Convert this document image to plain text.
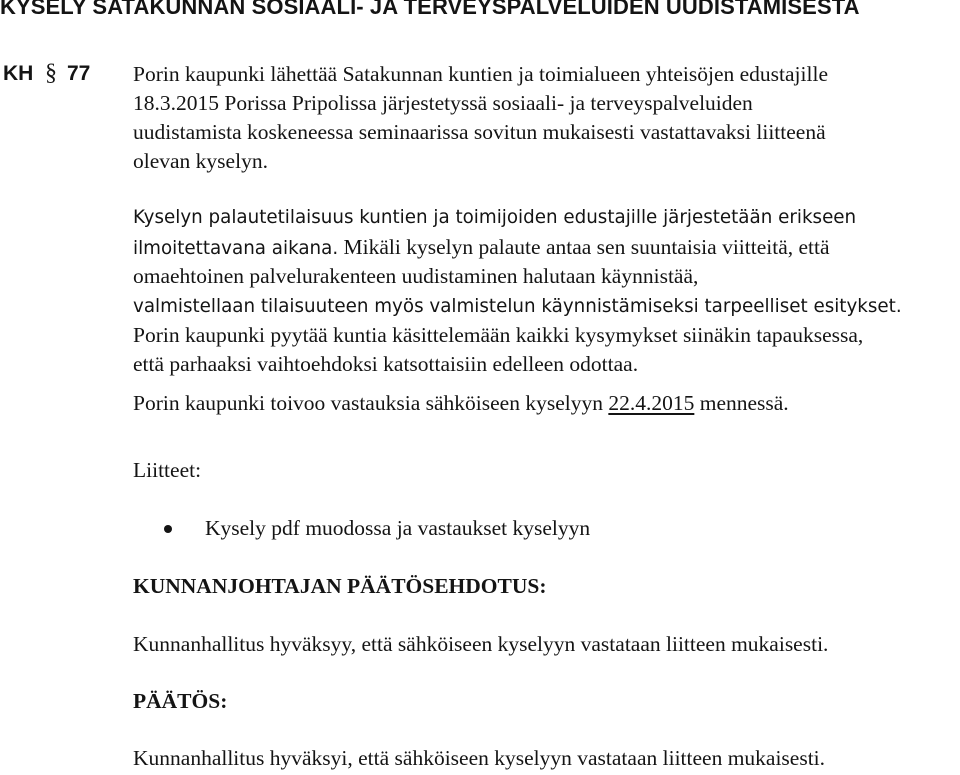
KYSELY SATAKUNNAN SOSIAALI- JA TERVEYSPALVELUIDEN UUDISTAMISESTA
KH § 77 Porin kaupunki lähettää Satakunnan kuntien ja toimialueen yhteisöjen edustajille
18.3.2015 Porissa Pripolissa järjestetyssä sosiaali- ja terveyspalveluiden
uudistamista koskeneessa seminaarissa sovitun mukaisesti vastattavaksi liitteenä
olevan kyselyn.
Kyselyn palautetilaisuus kuntien ja toimijoiden edustajille järjestetään erikseen
ilmoitettavana aikana. Mikäli kyselyn palaute antaa sen suuntaisia viitteitä, että
omaehtoinen palvelurakenteen uudistaminen halutaan käynnistää,
valmistellaan tilaisuuteen myös valmistelun käynnistämiseksi tarpeelliset esitykset.
Porin kaupunki pyytää kuntia käsittelemään kaikki kysymykset siinäkin tapauksessa,
että parhaaksi vaihtoehdoksi katsottaisiin edelleen odottaa.
Porin kaupunki toivoo vastauksia sähköiseen kyselyyn 22.4.2015 mennessä.
Liitteet:
Kysely pdf muodossa ja vastaukset kyselyyn
KUNNANJOHTAJAN PÄÄTÖSEHDOTUS:
Kunnanhallitus hyväksyy, että sähköiseen kyselyyn vastataan liitteen mukaisesti.
PÄÄTÖS:
Kunnanhallitus hyväksyi, että sähköiseen kyselyyn vastataan liitteen mukaisesti.
